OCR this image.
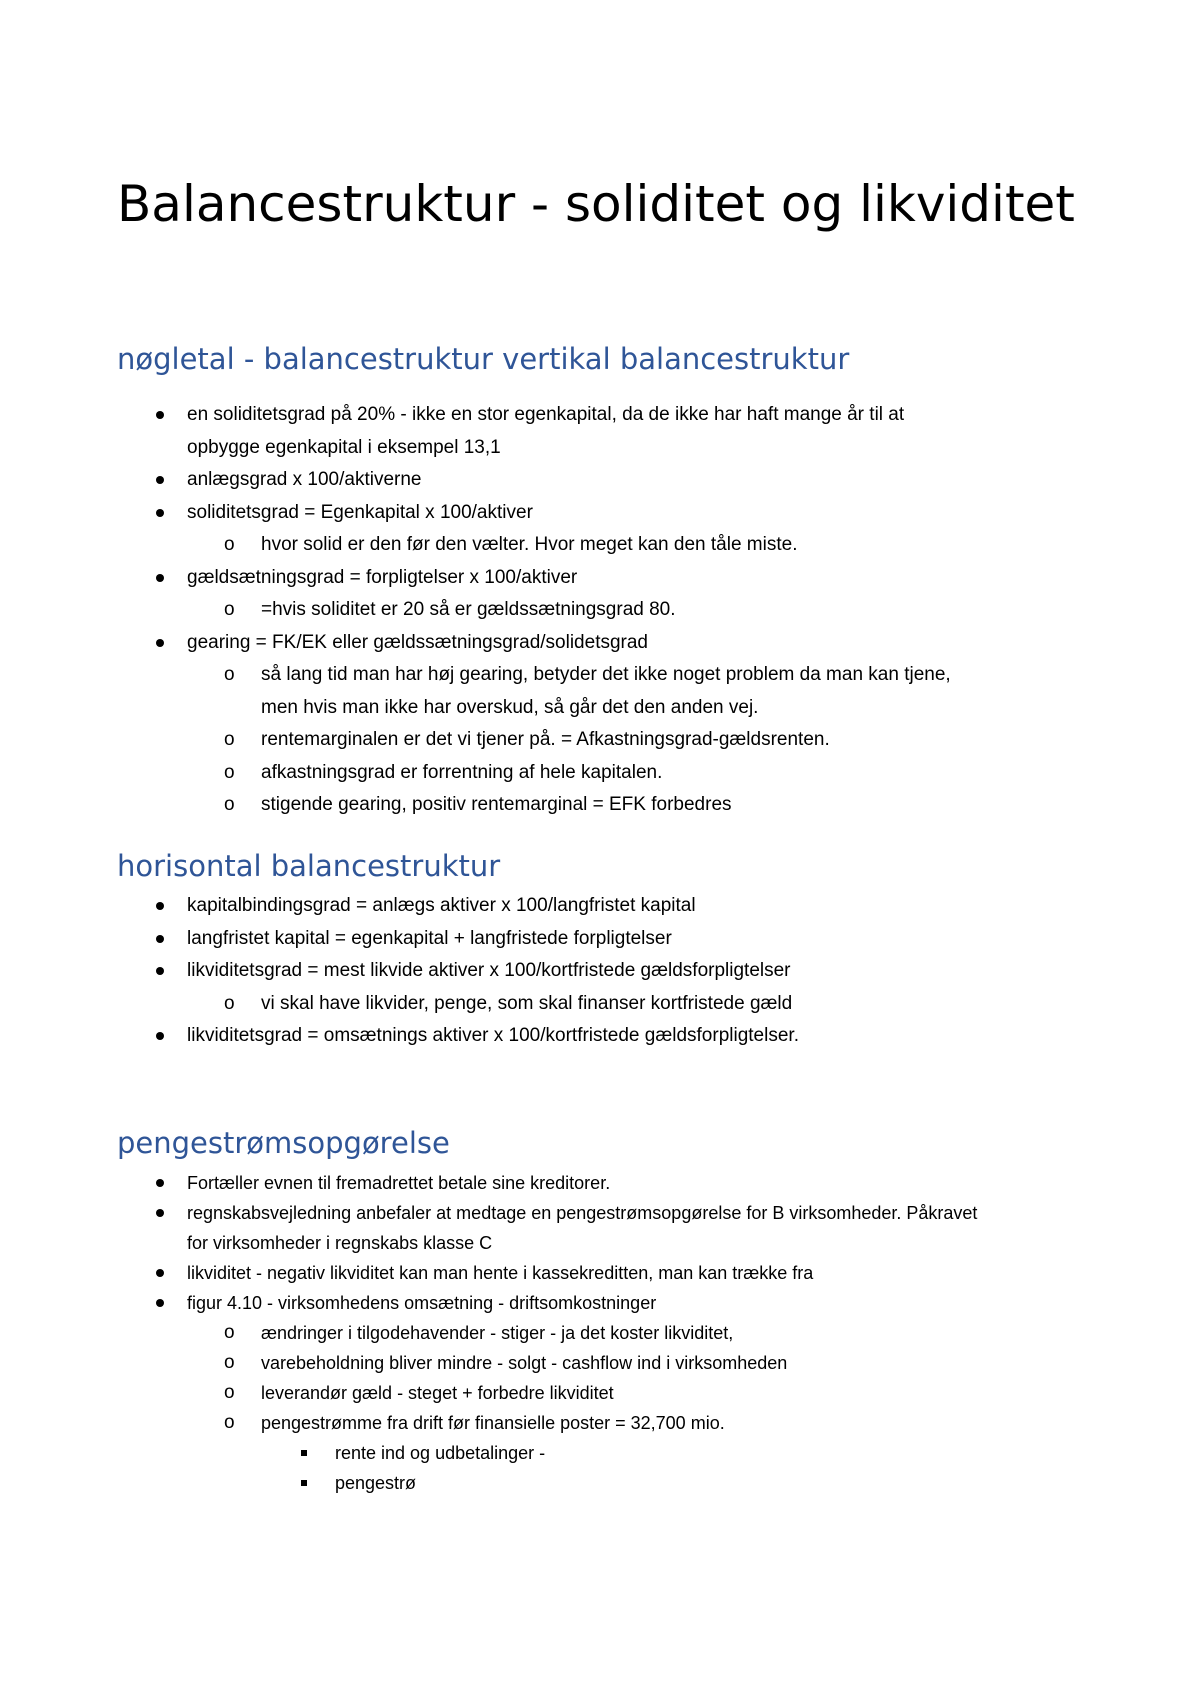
Balancestruktur - soliditet og likviditet
nøgletal - balancestruktur vertikal balancestruktur
en soliditetsgrad på 20% - ikke en stor egenkapital, da de ikke har haft mange år til at
opbygge egenkapital i eksempel 13,1
anlægsgrad x 100/aktiverne
soliditetsgrad = Egenkapital x 100/aktiver
o hvor solid er den før den vælter. Hvor meget kan den tåle miste.
gældsætningsgrad = forpligtelser x 100/aktiver
o =hvis soliditet er 20 så er gældssætningsgrad 80.
gearing = FK/EK eller gældssætningsgrad/solidetsgrad
o så lang tid man har høj gearing, betyder det ikke noget problem da man kan tjene,
men hvis man ikke har overskud, så går det den anden vej.
o rentemarginalen er det vi tjener på. = Afkastningsgrad-gældsrenten.
o afkastningsgrad er forrentning af hele kapitalen.
o stigende gearing, positiv rentemarginal = EFK forbedres
horisontal balancestruktur
kapitalbindingsgrad = anlægs aktiver x 100/langfristet kapital
langfristet kapital = egenkapital + langfristede forpligtelser
likviditetsgrad = mest likvide aktiver x 100/kortfristede gældsforpligtelser
o vi skal have likvider, penge, som skal finanser kortfristede gæld
likviditetsgrad = omsætnings aktiver x 100/kortfristede gældsforpligtelser.
pengestrømsopgørelse
Fortæller evnen til fremadrettet betale sine kreditorer.
regnskabsvejledning anbefaler at medtage en pengestrømsopgørelse for B virksomheder. Påkravet
for virksomheder i regnskabs klasse C
likviditet - negativ likviditet kan man hente i kassekreditten, man kan trække fra
figur 4.10 - virksomhedens omsætning - driftsomkostninger
o ændringer i tilgodehavender - stiger - ja det koster likviditet,
o varebeholdning bliver mindre - solgt - cashflow ind i virksomheden
o leverandør gæld - steget + forbedre likviditet
o pengestrømme fra drift før finansielle poster = 32,700 mio.
rente ind og udbetalinger -
pengestrø
